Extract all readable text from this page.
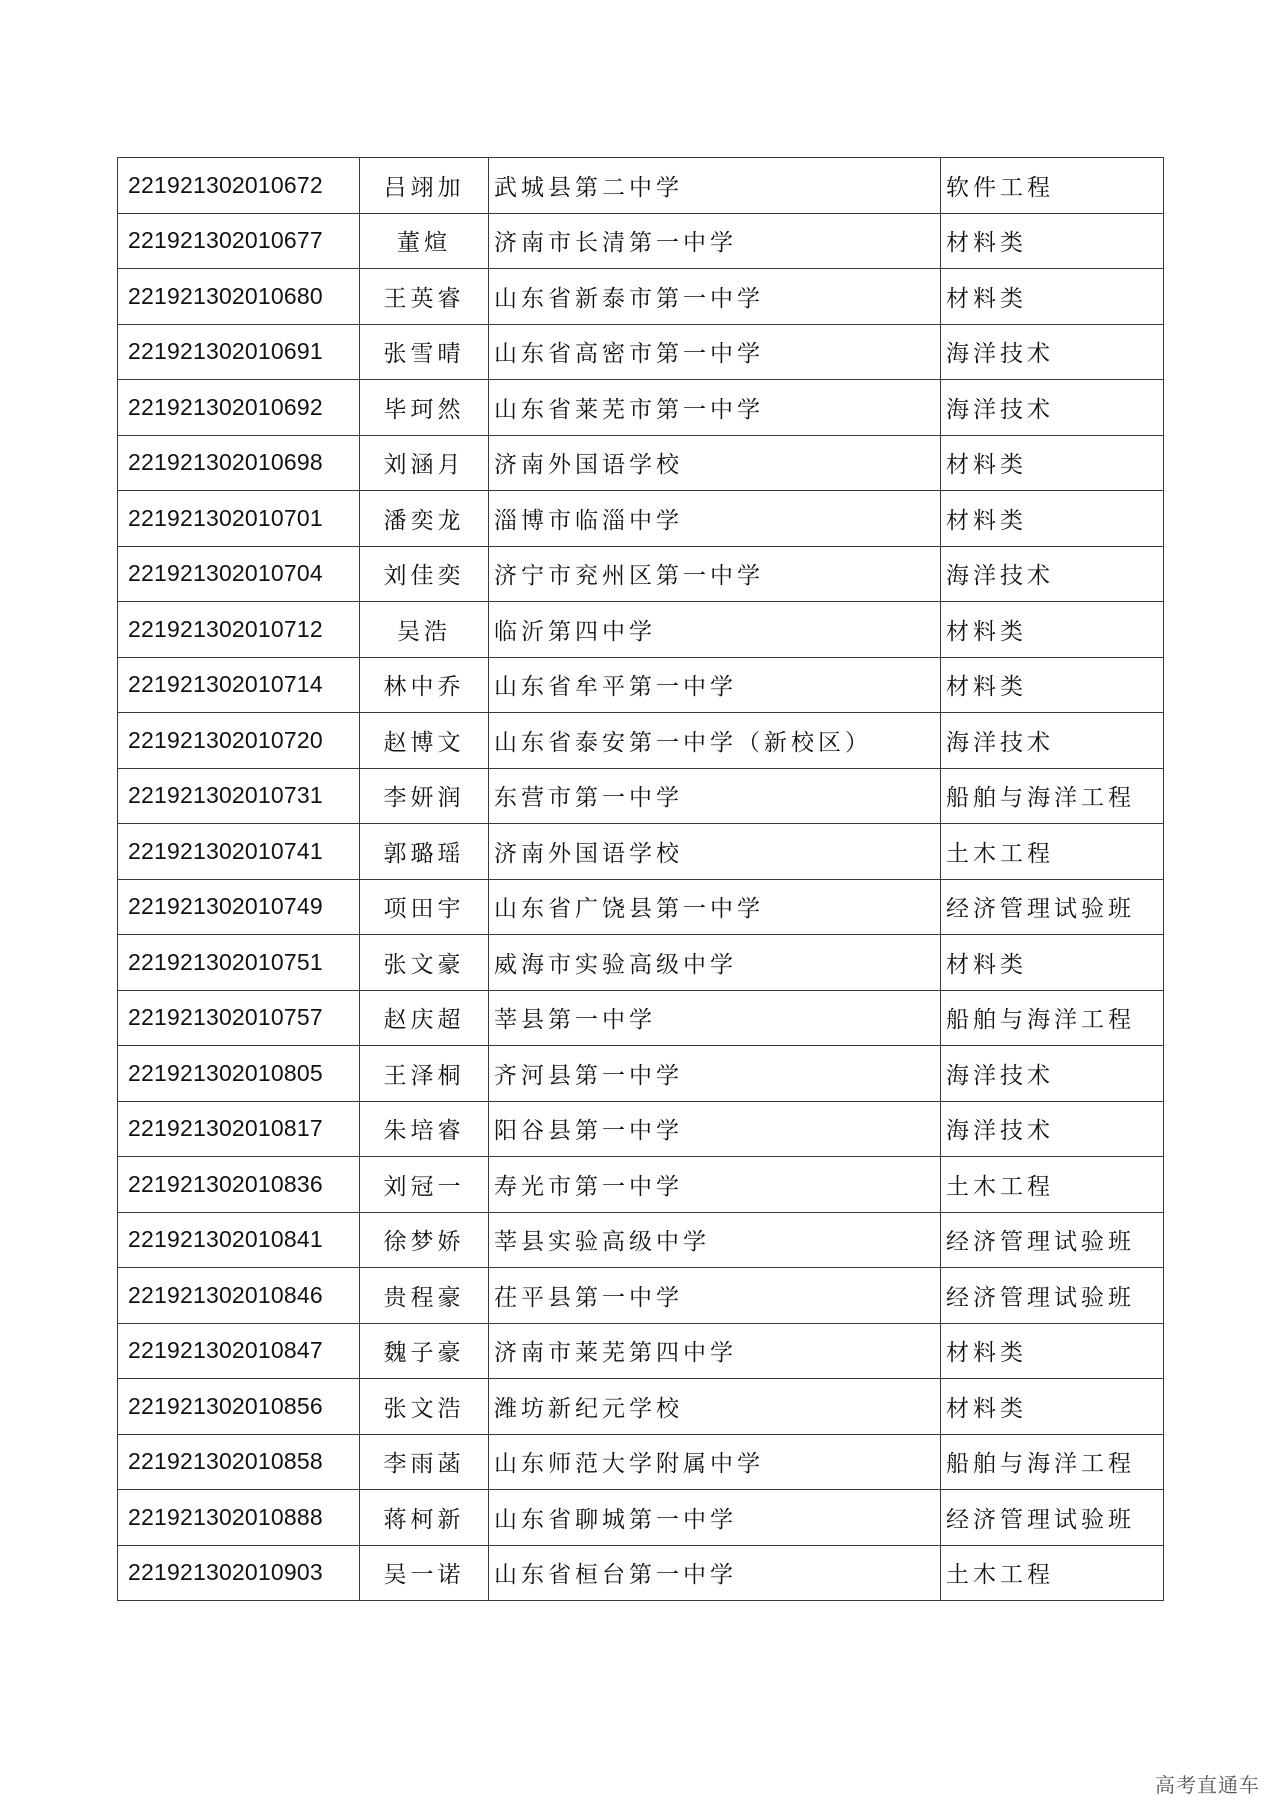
221921302010672	吕翊加	武城县第二中学	软件工程
221921302010677	董煊	济南市长清第一中学	材料类
221921302010680	王英睿	山东省新泰市第一中学	材料类
221921302010691	张雪晴	山东省高密市第一中学	海洋技术
221921302010692	毕珂然	山东省莱芜市第一中学	海洋技术
221921302010698	刘涵月	济南外国语学校	材料类
221921302010701	潘奕龙	淄博市临淄中学	材料类
221921302010704	刘佳奕	济宁市兖州区第一中学	海洋技术
221921302010712	吴浩	临沂第四中学	材料类
221921302010714	林中乔	山东省牟平第一中学	材料类
221921302010720	赵博文	山东省泰安第一中学（新校区）	海洋技术
221921302010731	李妍润	东营市第一中学	船舶与海洋工程
221921302010741	郭璐瑶	济南外国语学校	土木工程
221921302010749	项田宇	山东省广饶县第一中学	经济管理试验班
221921302010751	张文豪	威海市实验高级中学	材料类
221921302010757	赵庆超	莘县第一中学	船舶与海洋工程
221921302010805	王泽桐	齐河县第一中学	海洋技术
221921302010817	朱培睿	阳谷县第一中学	海洋技术
221921302010836	刘冠一	寿光市第一中学	土木工程
221921302010841	徐梦娇	莘县实验高级中学	经济管理试验班
221921302010846	贵程豪	茌平县第一中学	经济管理试验班
221921302010847	魏子豪	济南市莱芜第四中学	材料类
221921302010856	张文浩	潍坊新纪元学校	材料类
221921302010858	李雨菡	山东师范大学附属中学	船舶与海洋工程
221921302010888	蒋柯新	山东省聊城第一中学	经济管理试验班
221921302010903	吴一诺	山东省桓台第一中学	土木工程
高考直通车
